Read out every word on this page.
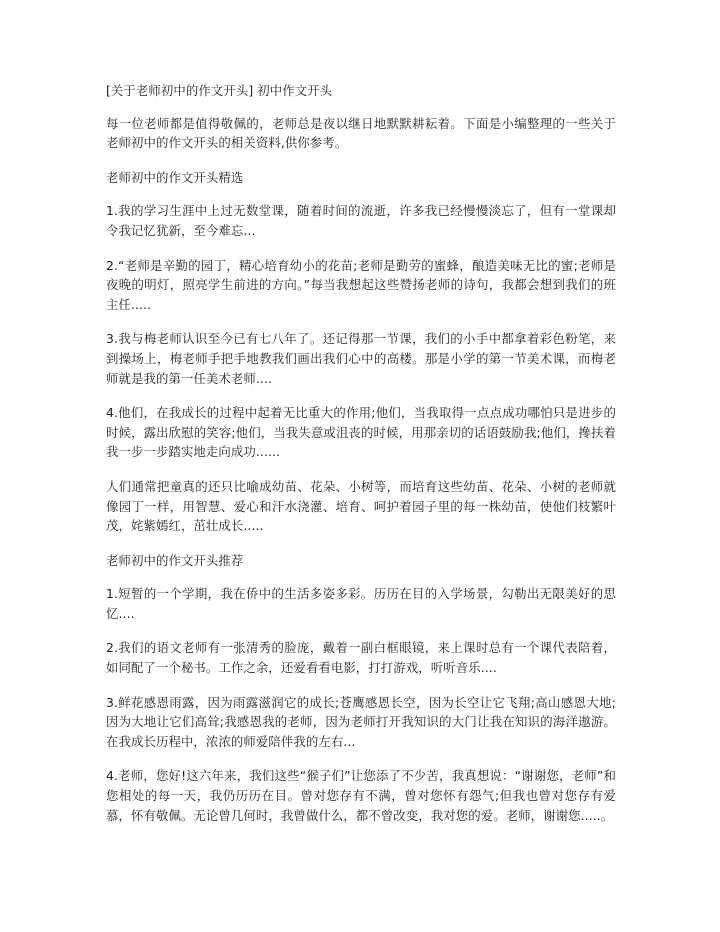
[关于老师初中的作文开头] 初中作文开头

每一位老师都是值得敬佩的，老师总是夜以继日地默默耕耘着。下面是小编整理的一些关于老师初中的作文开头的相关资料,供你参考。

老师初中的作文开头精选

1.我的学习生涯中上过无数堂课，随着时间的流逝，许多我已经慢慢淡忘了，但有一堂课却令我记忆犹新，至今难忘...

2.“老师是辛勤的园丁，精心培育幼小的花苗;老师是勤劳的蜜蜂，酿造美味无比的蜜;老师是夜晚的明灯，照亮学生前进的方向。”每当我想起这些赞扬老师的诗句，我都会想到我们的班主任.....

3.我与梅老师认识至今已有七八年了。还记得那一节课，我们的小手中都拿着彩色粉笔，来到操场上，梅老师手把手地教我们画出我们心中的高楼。那是小学的第一节美术课，而梅老师就是我的第一任美术老师....

4.他们，在我成长的过程中起着无比重大的作用;他们，当我取得一点点成功哪怕只是进步的时候，露出欣慰的笑容;他们，当我失意或沮丧的时候，用那亲切的话语鼓励我;他们，搀扶着我一步一步踏实地走向成功......

人们通常把童真的还只比喻成幼苗、花朵、小树等，而培育这些幼苗、花朵、小树的老师就像园丁一样，用智慧、爱心和汗水浇灌、培育、呵护着园子里的每一株幼苗，使他们枝繁叶茂，姹紫嫣红，茁壮成长.....

老师初中的作文开头推荐

1.短暂的一个学期，我在侨中的生活多姿多彩。历历在目的入学场景，勾勒出无限美好的思忆....

2.我们的语文老师有一张清秀的脸庞，戴着一副白框眼镜，来上课时总有一个课代表陪着，如同配了一个秘书。工作之余，还爱看看电影，打打游戏，听听音乐....

3.鲜花感恩雨露，因为雨露滋润它的成长;苍鹰感恩长空，因为长空让它飞翔;高山感恩大地;因为大地让它们高耸;我感恩我的老师，因为老师打开我知识的大门让我在知识的海洋遨游。在我成长历程中，浓浓的师爱陪伴我的左右...

4.老师，您好!这六年来，我们这些“猴子们”让您添了不少苦，我真想说：“谢谢您，老师”和您相处的每一天，我仍历历在目。曾对您存有不满，曾对您怀有怨气;但我也曾对您存有爱慕，怀有敬佩。无论曾几何时，我曾做什么，都不曾改变，我对您的爱。老师，谢谢您.....。
